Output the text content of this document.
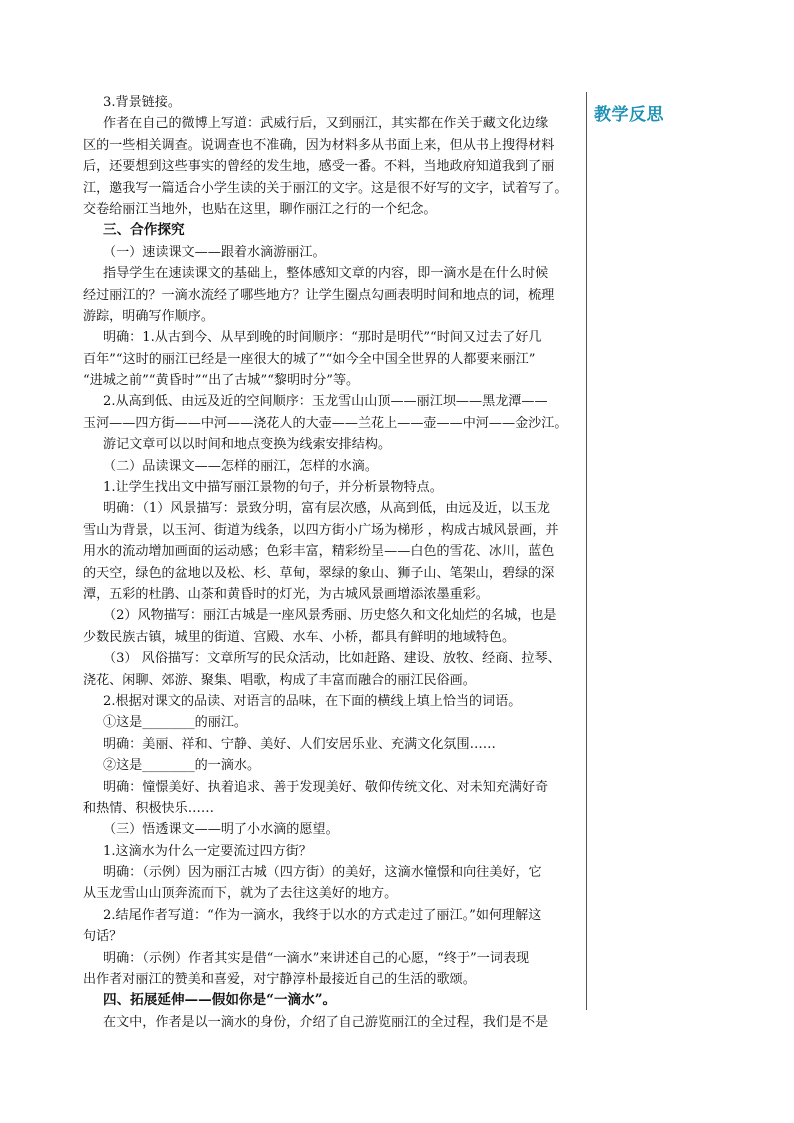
3.背景链接。
作者在自己的微博上写道：武威行后，又到丽江，其实都在作关于藏文化边缘
区的一些相关调查。说调查也不准确，因为材料多从书面上来，但从书上搜得材料
后，还要想到这些事实的曾经的发生地，感受一番。不料，当地政府知道我到了丽
江，邀我写一篇适合小学生读的关于丽江的文字。这是很不好写的文字，试着写了。
交卷给丽江当地外，也贴在这里，聊作丽江之行的一个纪念。
三、合作探究
（一）速读课文——跟着水滴游丽江。
指导学生在速读课文的基础上，整体感知文章的内容，即一滴水是在什么时候
经过丽江的？一滴水流经了哪些地方？让学生圈点勾画表明时间和地点的词，梳理
游踪，明确写作顺序。
明确：1.从古到今、从早到晚的时间顺序：“那时是明代”“时间又过去了好几
百年”“这时的丽江已经是一座很大的城了”“如今全中国全世界的人都要来丽江”
“进城之前”“黄昏时”“出了古城”“黎明时分”等。
2.从高到低、由远及近的空间顺序：玉龙雪山山顶——丽江坝——黑龙潭——
玉河——四方街——中河——浇花人的大壶——兰花上——壶——中河——金沙江。
游记文章可以以时间和地点变换为线索安排结构。
（二）品读课文——怎样的丽江，怎样的水滴。
1.让学生找出文中描写丽江景物的句子，并分析景物特点。
明确：（1）风景描写：景致分明，富有层次感，从高到低，由远及近，以玉龙
雪山为背景，以玉河、街道为线条，以四方街小广场为梯形 ，构成古城风景画，并
用水的流动增加画面的运动感；色彩丰富，精彩纷呈——白色的雪花、冰川，蓝色
的天空，绿色的盆地以及松、杉、草甸，翠绿的象山、狮子山、笔架山，碧绿的深
潭，五彩的杜鹃、山茶和黄昏时的灯光，为古城风景画增添浓墨重彩。
（2）风物描写：丽江古城是一座风景秀丽、历史悠久和文化灿烂的名城，也是
少数民族古镇，城里的街道、宫殿、水车、小桥，都具有鲜明的地域特色。
（3） 风俗描写：文章所写的民众活动，比如赶路、建设、放牧、经商、拉琴、
浇花、闲聊、郊游、聚集、唱歌，构成了丰富而融合的丽江民俗画。
2.根据对课文的品读、对语言的品味，在下面的横线上填上恰当的词语。
①这是________的丽江。
明确：美丽、祥和、宁静、美好、人们安居乐业、充满文化氛围……
②这是________的一滴水。
明确：憧憬美好、执着追求、善于发现美好、敬仰传统文化、对未知充满好奇
和热情、积极快乐……
（三）悟透课文——明了小水滴的愿望。
1.这滴水为什么一定要流过四方街？
明确：（示例）因为丽江古城（四方街）的美好，这滴水憧憬和向往美好，它
从玉龙雪山山顶奔流而下，就为了去往这美好的地方。
2.结尾作者写道：“作为一滴水，我终于以水的方式走过了丽江。”如何理解这
句话？
明确：（示例）作者其实是借“一滴水”来讲述自己的心愿，“终于”一词表现
出作者对丽江的赞美和喜爱，对宁静淳朴最接近自己的生活的歌颂。
四、拓展延伸——假如你是“一滴水”。
在文中，作者是以一滴水的身份，介绍了自己游览丽江的全过程，我们是不是
教学反思
